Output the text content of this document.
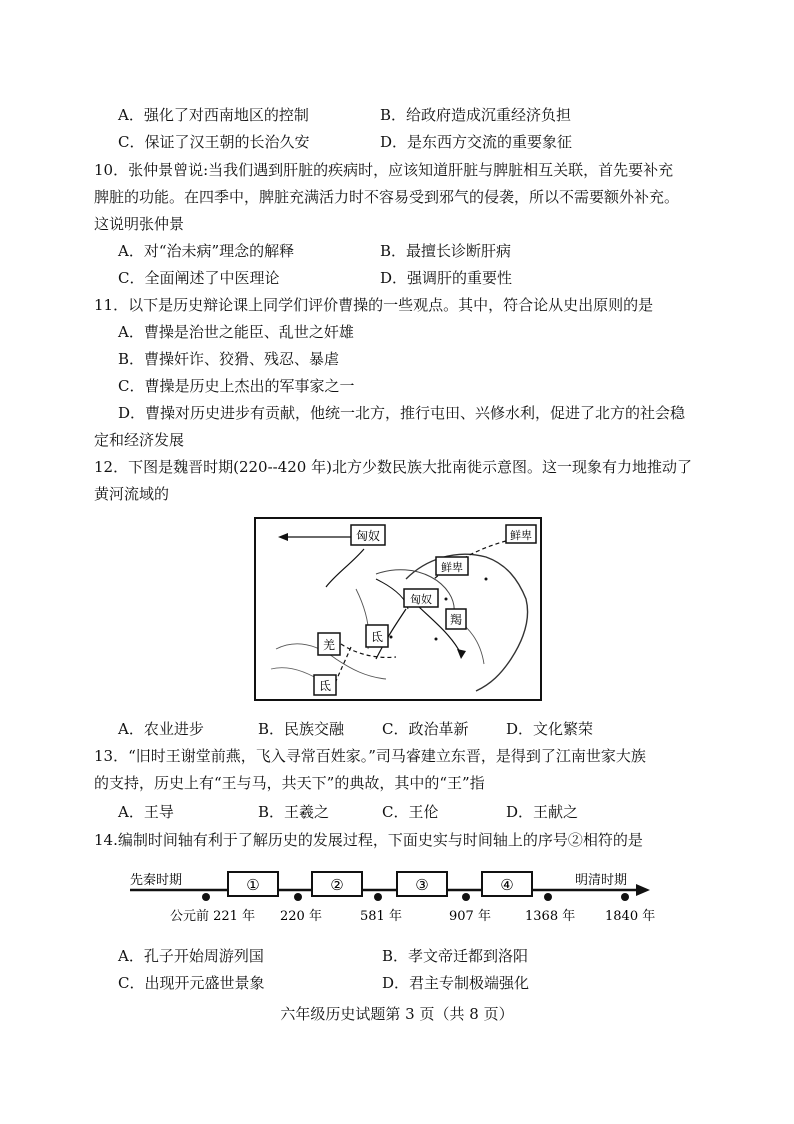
A．强化了对西南地区的控制	B．给政府造成沉重经济负担
C．保证了汉王朝的长治久安	D．是东西方交流的重要象征
10．张仲景曾说:当我们遇到肝脏的疾病时，应该知道肝脏与脾脏相互关联，首先要补充
脾脏的功能。在四季中，脾脏充满活力时不容易受到邪气的侵袭，所以不需要额外补充。
这说明张仲景
A．对“治未病”理念的解释	B．最擅长诊断肝病
C．全面阐述了中医理论	D．强调肝的重要性
11．以下是历史辩论课上同学们评价曹操的一些观点。其中，符合论从史出原则的是
A．曹操是治世之能臣、乱世之奸雄
B．曹操奸诈、狡猾、残忍、暴虐
C．曹操是历史上杰出的军事家之一
D．曹操对历史进步有贡献，他统一北方，推行屯田、兴修水利，促进了北方的社会稳
定和经济发展
12．下图是魏晋时期(220--420 年)北方少数民族大批南徙示意图。这一现象有力地推动了
黄河流域的
匈奴	鲜卑
鲜卑
匈奴
羯
羌
氐
氐
A．农业进步	B．民族交融	C．政治革新	D．文化繁荣
13．“旧时王谢堂前燕，飞入寻常百姓家。”司马睿建立东晋，是得到了江南世家大族
的支持，历史上有“王与马，共天下”的典故，其中的“王”指
A．王导	B．王羲之	C．王伦	D．王献之
14.编制时间轴有利于了解历史的发展过程，下面史实与时间轴上的序号②相符的是
先秦时期	明清时期
①	②	③	④
公元前 221 年 220 年	581 年	907 年	1368 年 1840 年
A．孔子开始周游列国	B．孝文帝迁都到洛阳
C．出现开元盛世景象	D．君主专制极端强化
六年级历史试题第 3 页（共 8 页）
